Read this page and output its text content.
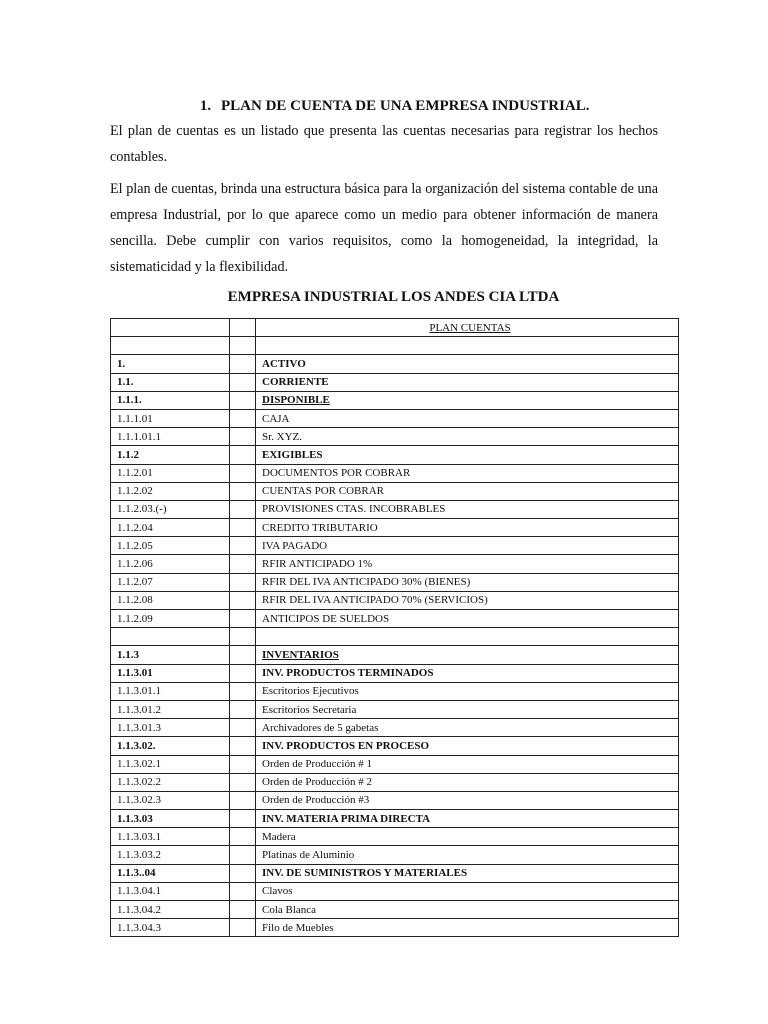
1. PLAN DE CUENTA DE UNA EMPRESA INDUSTRIAL.

El plan de cuentas es un listado que presenta las cuentas necesarias para registrar los hechos contables.

El plan de cuentas, brinda una estructura básica para la organización del sistema contable de una empresa Industrial, por lo que aparece como un medio para obtener información de manera sencilla. Debe cumplir con varios requisitos, como la homogeneidad, la integridad, la sistematicidad y la flexibilidad.

EMPRESA INDUSTRIAL LOS ANDES CIA LTDA
		PLAN CUENTAS

1.		ACTIVO
1.1.		CORRIENTE
1.1.1.		DISPONIBLE
1.1.1.01		CAJA
1.1.1.01.1		Sr. XYZ.
1.1.2		EXIGIBLES
1.1.2.01		DOCUMENTOS POR COBRAR
1.1.2.02		CUENTAS POR COBRAR
1.1.2.03.(-)		PROVISIONES CTAS. INCOBRABLES
1.1.2.04		CREDITO TRIBUTARIO
1.1.2.05		IVA PAGADO
1.1.2.06		RFIR ANTICIPADO 1%
1.1.2.07		RFIR DEL IVA ANTICIPADO 30% (BIENES)
1.1.2.08		RFIR DEL IVA ANTICIPADO 70% (SERVICIOS)
1.1.2.09		ANTICIPOS DE SUELDOS

1.1.3		INVENTARIOS
1.1.3.01		INV. PRODUCTOS TERMINADOS
1.1.3.01.1		Escritorios Ejecutivos
1.1.3.01.2		Escritorios Secretaria
1.1.3.01.3		Archivadores de 5 gabetas
1.1.3.02.		INV. PRODUCTOS EN PROCESO
1.1.3.02.1		Orden de Producción # 1
1.1.3.02.2		Orden de Producción # 2
1.1.3.02.3		Orden de Producción #3
1.1.3.03		INV. MATERIA PRIMA DIRECTA
1.1.3.03.1		Madera
1.1.3.03.2		Platinas de Aluminio
1.1.3..04		INV. DE SUMINISTROS Y MATERIALES
1.1.3.04.1		Clavos
1.1.3.04.2		Cola Blanca
1.1.3.04.3		Filo de Muebles
